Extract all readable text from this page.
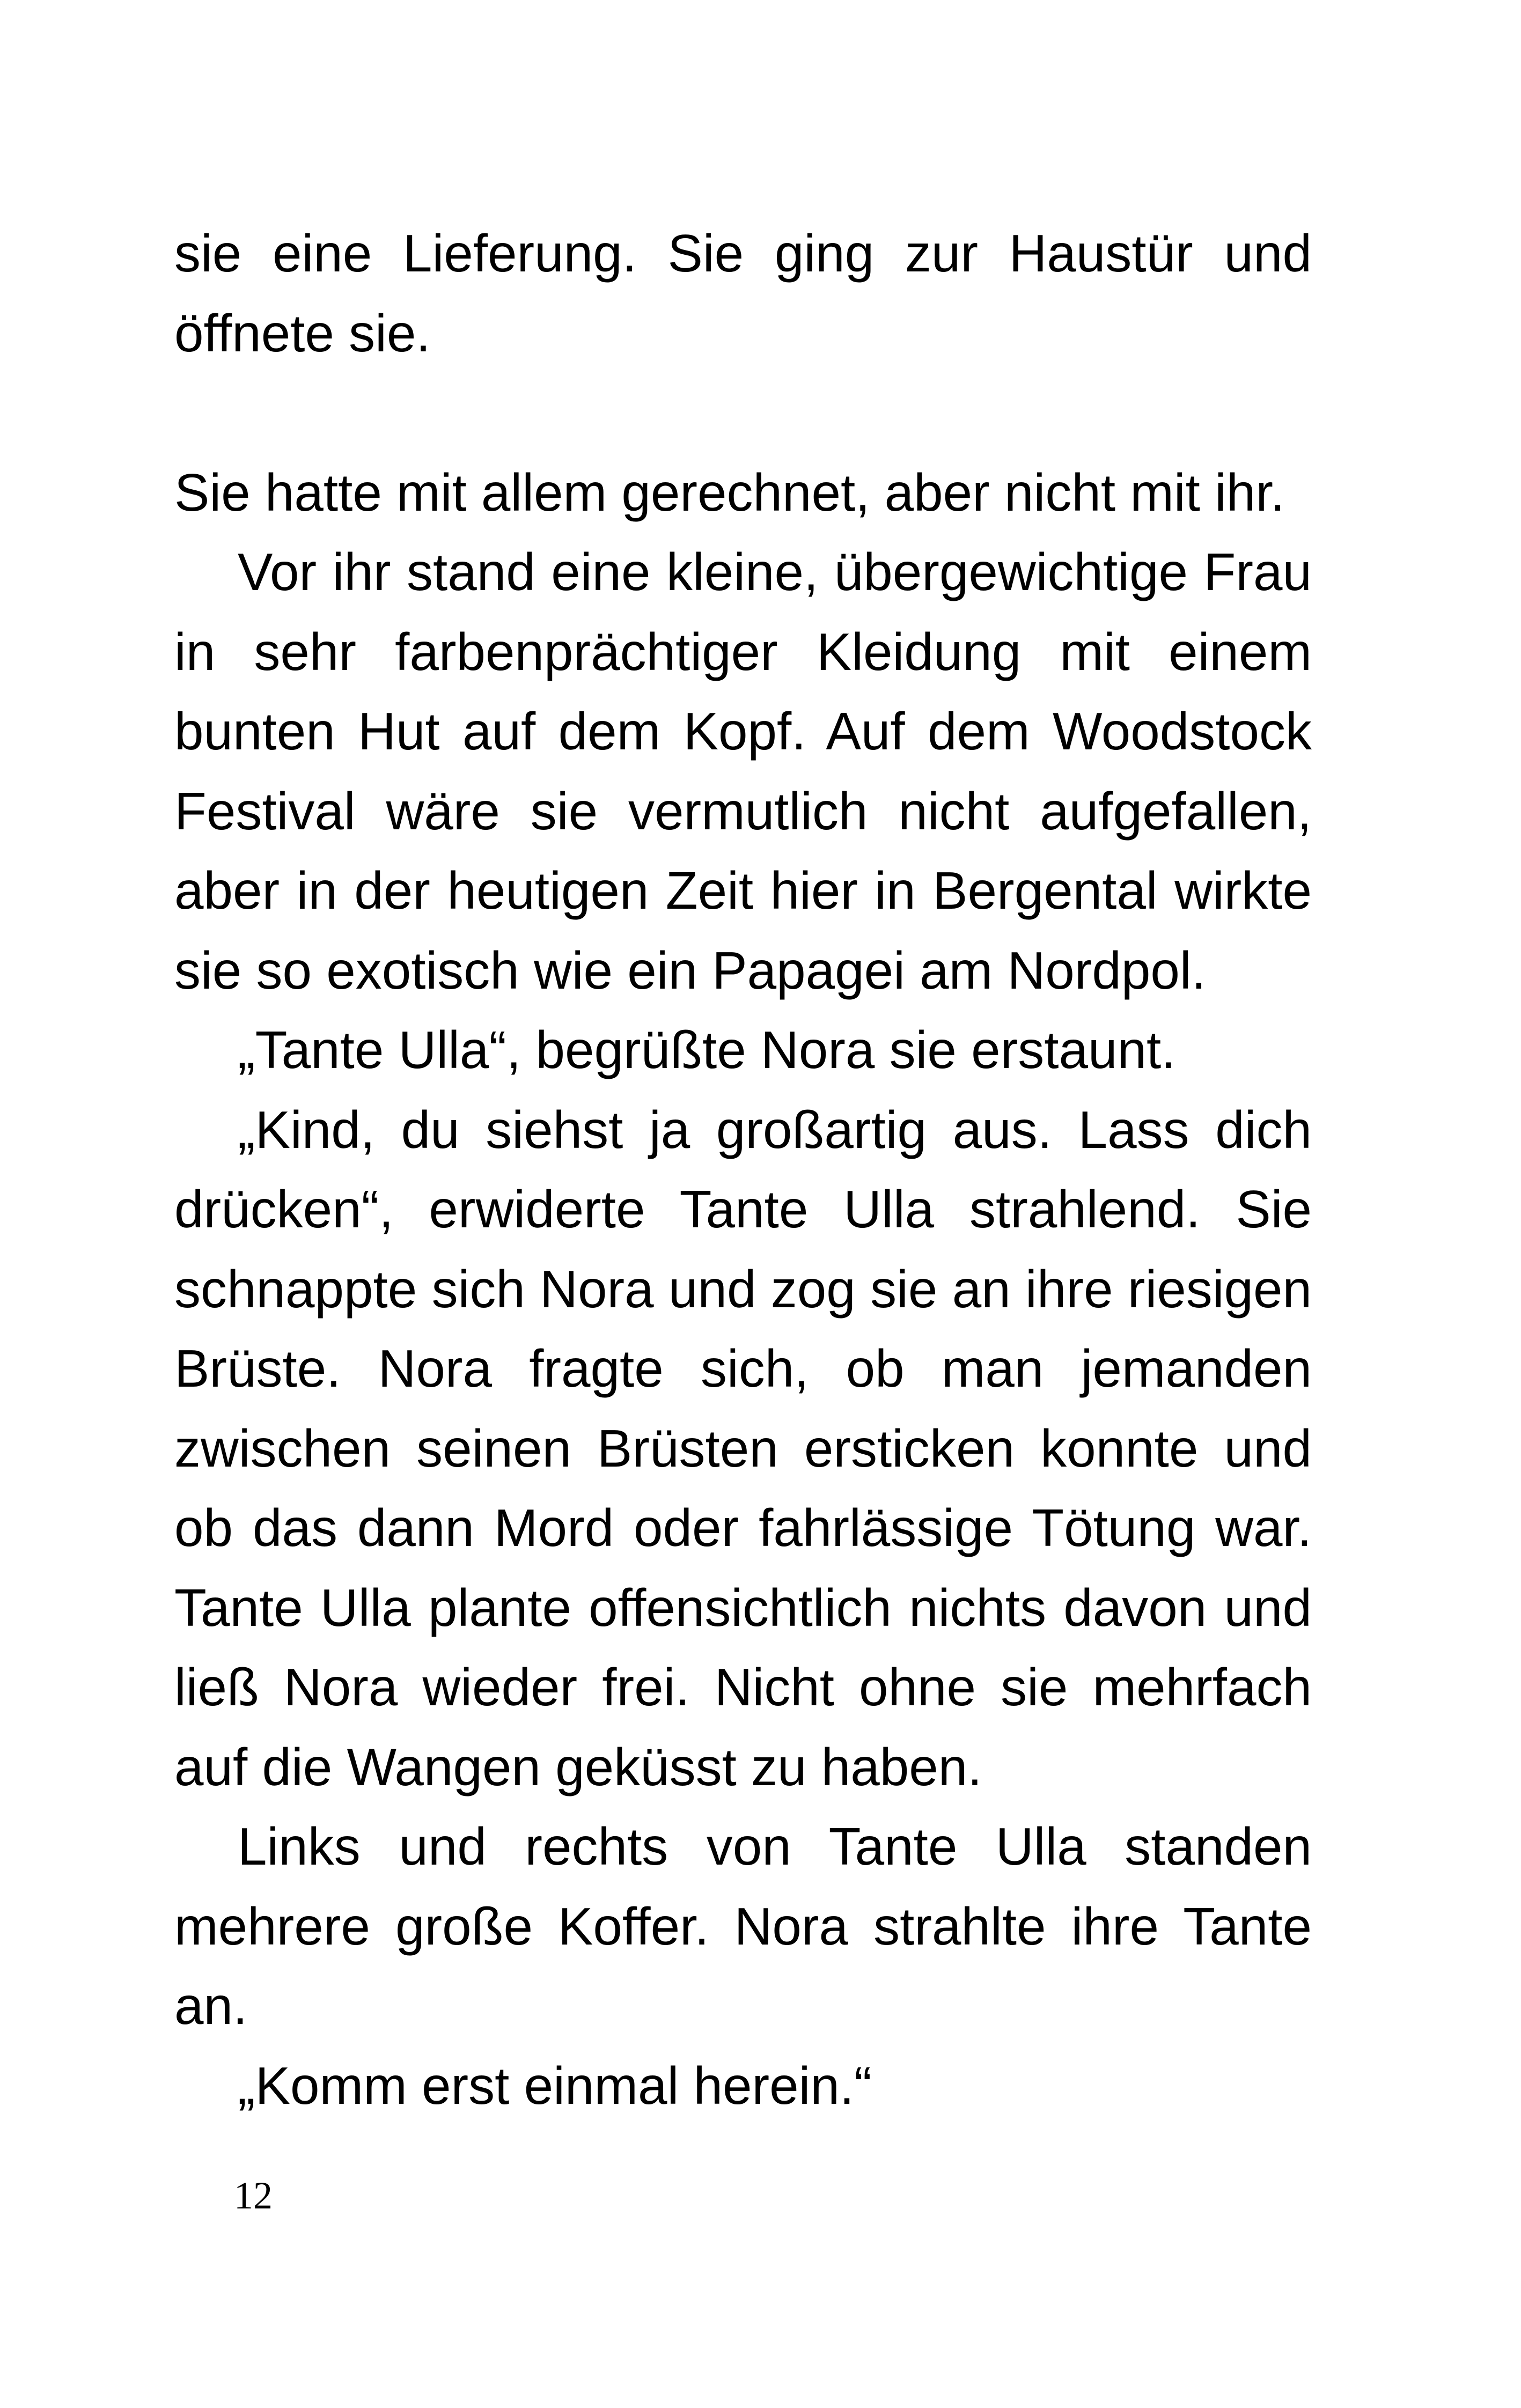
sie eine Lieferung. Sie ging zur Haustür und öffnete sie.

Sie hatte mit allem gerechnet, aber nicht mit ihr.

Vor ihr stand eine kleine, übergewichtige Frau in sehr farbenprächtiger Kleidung mit einem bunten Hut auf dem Kopf. Auf dem Woodstock Festival wäre sie vermutlich nicht aufgefallen, aber in der heutigen Zeit hier in Bergental wirkte sie so exotisch wie ein Papagei am Nordpol.

„Tante Ulla“, begrüßte Nora sie erstaunt.

„Kind, du siehst ja großartig aus. Lass dich drücken“, erwiderte Tante Ulla strahlend. Sie schnappte sich Nora und zog sie an ihre riesigen Brüste. Nora fragte sich, ob man jemanden zwischen seinen Brüsten ersticken konnte und ob das dann Mord oder fahrlässige Tötung war. Tante Ulla plante offensichtlich nichts davon und ließ Nora wieder frei. Nicht ohne sie mehrfach auf die Wangen geküsst zu haben.

Links und rechts von Tante Ulla standen mehrere große Koffer. Nora strahlte ihre Tante an.

„Komm erst einmal herein.“

12
